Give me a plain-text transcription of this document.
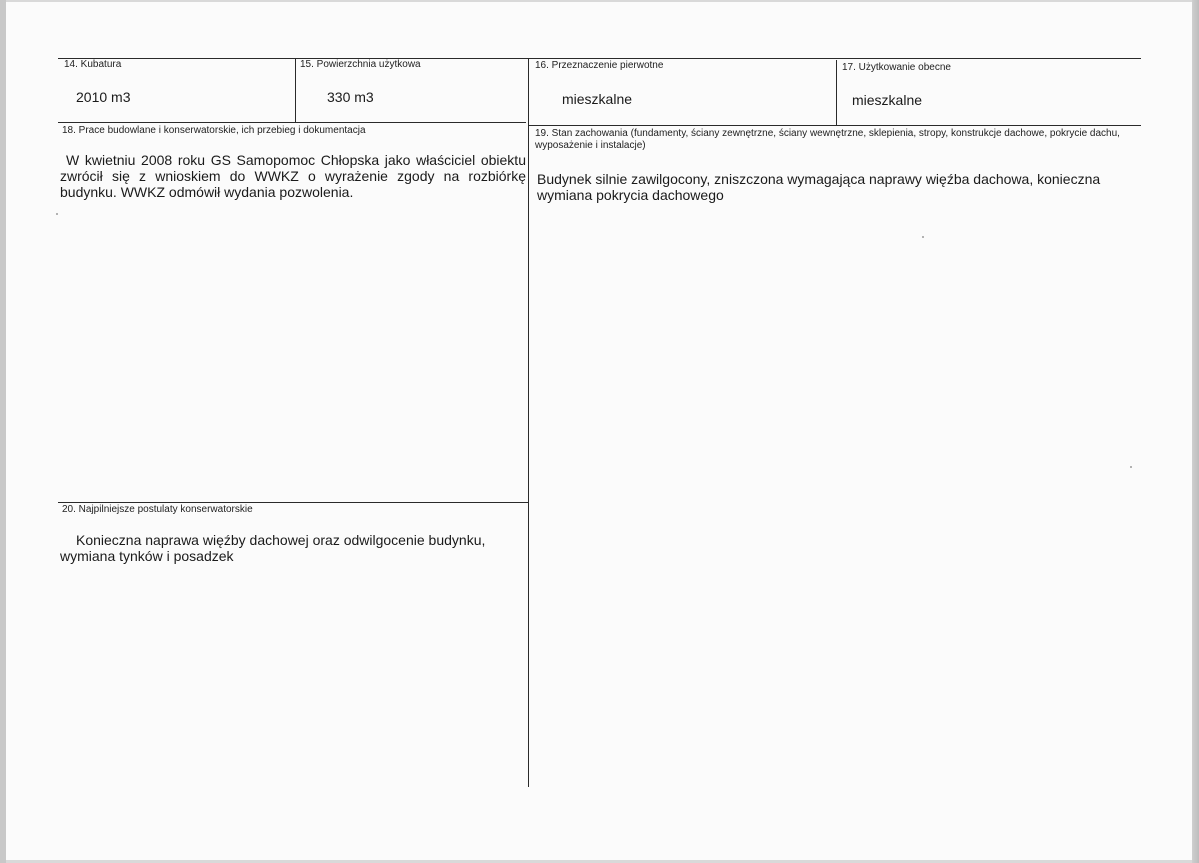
14. Kubatura
2010 m3
15. Powierzchnia użytkowa
330 m3
16. Przeznaczenie pierwotne
mieszkalne
17. Użytkowanie obecne
mieszkalne
18. Prace budowlane i konserwatorskie, ich przebieg i dokumentacja
W kwietniu 2008 roku GS Samopomoc Chłopska jako właściciel obiektu zwrócił się z wnioskiem do WWKZ o wyrażenie zgody na rozbiórkę budynku. WWKZ odmówił wydania pozwolenia.
19. Stan zachowania (fundamenty, ściany zewnętrzne, ściany wewnętrzne, sklepienia, stropy, konstrukcje dachowe, pokrycie dachu, wyposażenie i instalacje)
Budynek silnie zawilgocony, zniszczona wymagająca naprawy więźba dachowa, konieczna wymiana pokrycia dachowego
20. Najpilniejsze postulaty konserwatorskie
Konieczna naprawa więźby dachowej oraz odwilgocenie budynku, wymiana tynków i posadzek
